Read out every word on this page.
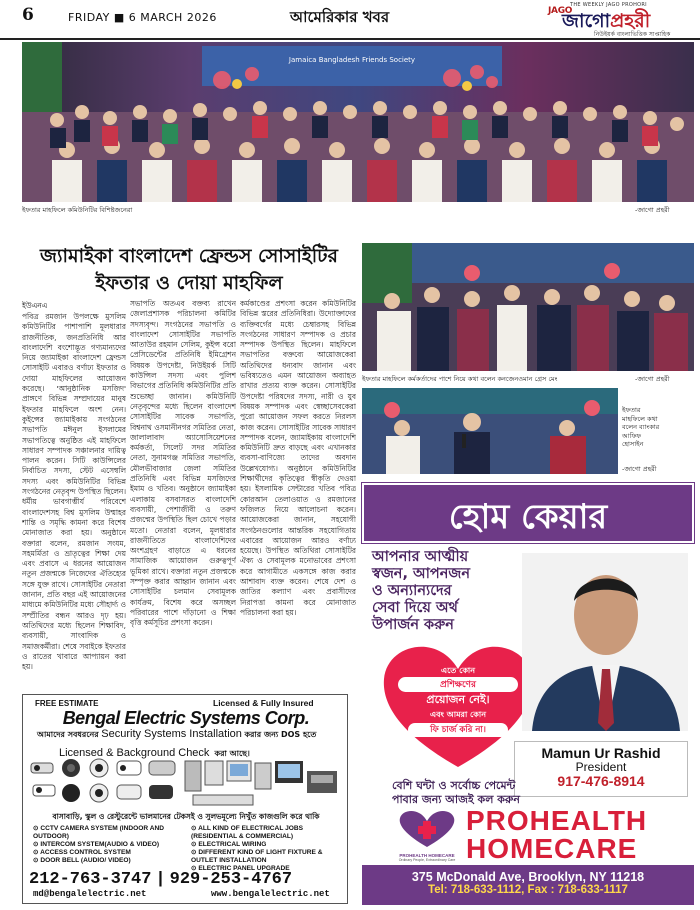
6	FRIDAY ■ 6 MARCH 2026	আমেরিকার খবর
THE WEEKLY JAGO PROHORI
JAGO
জাগোপ্রহরী
নিউইয়র্ক বাংলাভিত্তিক সাপ্তাহিক
Jamaica Bangladesh Friends Society
ইফতার মাহফিলে কমিউনিটির বিশিষ্টজনেরা	-জাগো প্রহরী
জ্যামাইকা বাংলাদেশ ফ্রেন্ডস সোসাইটির
ইফতার ও দোয়া মাহফিল
ইউএনএ
পবিত্র রমজান উপলক্ষে মুসলিম কমিউনিটির পাশাপাশি মূলধারার রাজনীতিক, জনপ্রতিনিধি আর বাংলাদেশি বংশোদ্ভূত গণ্যমান্যদের নিয়ে জ্যামাইকা বাংলাদেশ ফ্রেন্ডস সোসাইটি এবারও বর্ণাঢ্য ইফতার ও দোয়া মাহফিলের আয়োজন করেছে। 'আনুষ্ঠানিক মসজিদ' প্রাঙ্গণে বিভিন্ন সম্প্রদায়ের মানুষ ইফতার মাহফিলে অংশ নেন। কুইন্সের জ্যামাইকায় সংগঠনের সভাপতি মঈনুল ইসলামের সভাপতিত্বে অনুষ্ঠিত এই মাহফিলে সাধারণ সম্পাদক সঞ্চালনার দায়িত্ব পালন করেন। সিটি কাউন্সিলের নির্বাচিত সদস্য, স্টেট এসেম্বলি সদস্য এবং কমিউনিটির বিভিন্ন সংগঠনের নেতৃবৃন্দ উপস্থিত ছিলেন। ধর্মীয় ভাবগাম্ভীর্য পরিবেশে বাংলাদেশসহ বিশ্ব মুসলিম উম্মাহর শান্তি ও সমৃদ্ধি কামনা করে বিশেষ মোনাজাত করা হয়। অনুষ্ঠানে বক্তারা বলেন, রমজান সংযম, সহমর্মিতা ও ভ্রাতৃত্বের শিক্ষা দেয় এবং প্রবাসে এ ধরনের আয়োজন নতুন প্রজন্মকে নিজেদের ঐতিহ্যের সঙ্গে যুক্ত রাখে। সোসাইটির নেতারা জানান, প্রতি বছর এই আয়োজনের মাধ্যমে কমিউনিটির মধ্যে সৌহার্দ্য ও সম্প্রীতির বন্ধন আরও দৃঢ় হয়। অতিথিদের মধ্যে ছিলেন শিক্ষাবিদ, ব্যবসায়ী, সাংবাদিক ও সমাজকর্মীরা। শেষে সবাইকে ইফতার ও রাতের খাবারে আপ্যায়ন করা হয়।
সভাপতি অতএব বক্তব্য রাখেন জেলাপ্রশাসক পরিচালনা কমিটির সদস্যবৃন্দ। সংগঠনের সভাপতি ও বাংলাদেশ সোসাইটির সভাপতি আতাউর রহমান সেলিম, কুইন্স বরো প্রেসিডেন্টের প্রতিনিধি ইমিগ্রেশন বিষয়ক উপদেষ্টা, নিউইয়র্ক সিটি কাউন্সিল সদস্য এবং পুলিশ বিভাগের প্রতিনিধি কমিউনিটির প্রতি শুভেচ্ছা জানান। কমিউনিটি নেতৃবৃন্দের মধ্যে ছিলেন বাংলাদেশ সোসাইটির সাবেক সভাপতি, বিশ্বনাথ ওসমানীনগর সমিতির নেতা, জালালাবাদ অ্যাসোসিয়েশনের কর্মকর্তা, সিলেট সদর সমিতির নেতা, সুনামগঞ্জ সমিতির সভাপতি, মৌলভীবাজার জেলা সমিতির প্রতিনিধি এবং বিভিন্ন মসজিদের ইমাম ও খতিব। অনুষ্ঠানে জ্যামাইকা এলাকায় বসবাসরত বাংলাদেশি ব্যবসায়ী, পেশাজীবী ও তরুণ প্রজন্মের উপস্থিতি ছিল চোখে পড়ার মতো। নেতারা বলেন, মূলধারার রাজনীতিতে বাংলাদেশিদের অংশগ্রহণ বাড়াতে এ ধরনের সামাজিক আয়োজন গুরুত্বপূর্ণ ভূমিকা রাখে। বক্তারা নতুন প্রজন্মকে সম্পৃক্ত করার আহ্বান জানান এবং সোসাইটির চলমান সেবামূলক কার্যক্রম, বিশেষ করে অসচ্ছল পরিবারের পাশে দাঁড়ানো ও শিক্ষা বৃত্তি কর্মসূচির প্রশংসা করেন।
কর্মকাণ্ডের প্রশংসা করেন কমিউনিটির বিভিন্ন স্তরের প্রতিনিধিরা। উদ্যোক্তাদের ব্যক্তিবর্গের মধ্যে চেম্বারসহ বিভিন্ন সংগঠনের সাধারণ সম্পাদক ও প্রচার সম্পাদক উপস্থিত ছিলেন। মাহফিলে সভাপতির বক্তব্যে আয়োজকেরা অতিথিদের ধন্যবাদ জানান এবং ভবিষ্যতেও এমন আয়োজন অব্যাহত রাখার প্রত্যয় ব্যক্ত করেন। সোসাইটির উপদেষ্টা পরিষদের সদস্য, নারী ও যুব বিষয়ক সম্পাদক এবং স্বেচ্ছাসেবকেরা পুরো আয়োজন সফল করতে নিরলস কাজ করেন। সোসাইটির সাবেক সাধারণ সম্পাদক বলেন, জ্যামাইকায় বাংলাদেশি কমিউনিটি দ্রুত বাড়ছে এবং এখানকার ব্যবসা-বাণিজ্যে তাদের অবদান উল্লেখযোগ্য। অনুষ্ঠানে কমিউনিটির শিক্ষার্থীদের কৃতিত্বের স্বীকৃতি দেওয়া হয়। ইসলামিক সেন্টারের খতিব পবিত্র কোরআন তেলাওয়াত ও রমজানের ফজিলত নিয়ে আলোচনা করেন। আয়োজকেরা জানান, সহযোগী সংগঠনগুলোর আন্তরিক সহযোগিতায় এবারের আয়োজন আরও বর্ণাঢ্য হয়েছে। উপস্থিত অতিথিরা সোসাইটির ঐক্য ও সেবামূলক মনোভাবের প্রশংসা করে আগামীতে একসঙ্গে কাজ করার আশাবাদ ব্যক্ত করেন। শেষে দেশ ও জাতির কল্যাণ এবং প্রবাসীদের নিরাপত্তা কামনা করে মোনাজাত পরিচালনা করা হয়।
ইফতার মাহফিলে কর্মকর্তাদের পাশে নিয়ে কথা বলেন কনজেনওমান গ্রেস মেং	-জাগো প্রহরী
ইফতার
মাহফিলে কথা
বলেন ব্যাংকার
আফিফ
হোসাইন
-জাগো প্রহরী
FREE ESTIMATE	Licensed & Fully Insured
Bengal Electric Systems Corp.
আমাদের সবধরনের Security Systems Installation করার জন্য DOS হতে
Licensed & Background Check করা আছে।
বাসাবাড়ি, স্কুল ও রেস্টুরেন্টে ভালমানের টেকসই ও সুলভমূল্যে নিখুঁত কাজগুলি করে থাকি
⊙ CCTV CAMERA SYSTEM (INDOOR AND OUTDOOR)
⊙ INTERCOM SYSTEM(AUDIO & VIDEO)
⊙ ACCESS CONTROL SYSTEM
⊙ DOOR BELL (AUDIO/ VIDEO)
⊙ ALL KIND OF ELECTRICAL JOBS (RESIDENTIAL & COMMERCIAL)
⊙ ELECTRICAL WIRING
⊙ DIFFERENT KIND OF LIGHT FIXTURE & OUTLET INSTALLATION
⊙ ELECTRIC PANEL UPGRADE
212-763-3747 | 929-253-4767
md@bengalelectric.net	www.bengalelectric.net
হোম কেয়ার
আপনার আত্মীয়
স্বজন, আপনজন
ও অন্যান্যদের
সেবা দিয়ে অর্থ
উপার্জন করুন
এতে কোন
প্রশিক্ষণের
প্রয়োজন নেই।
এবং আমরা কোন
ফি চার্জ করি না।
Mamun Ur Rashid
President
917-476-8914
বেশি ঘন্টা ও সর্বোচ্চ পেমেন্ট
পাবার জন্য আজই কল করুন
PROHEALTH HOMECARE
Ordinary People, Extraordinary Care
PROHEALTH
HOMECARE
375 McDonald Ave, Brooklyn, NY 11218
Tel: 718-633-1112, Fax : 718-633-1117
